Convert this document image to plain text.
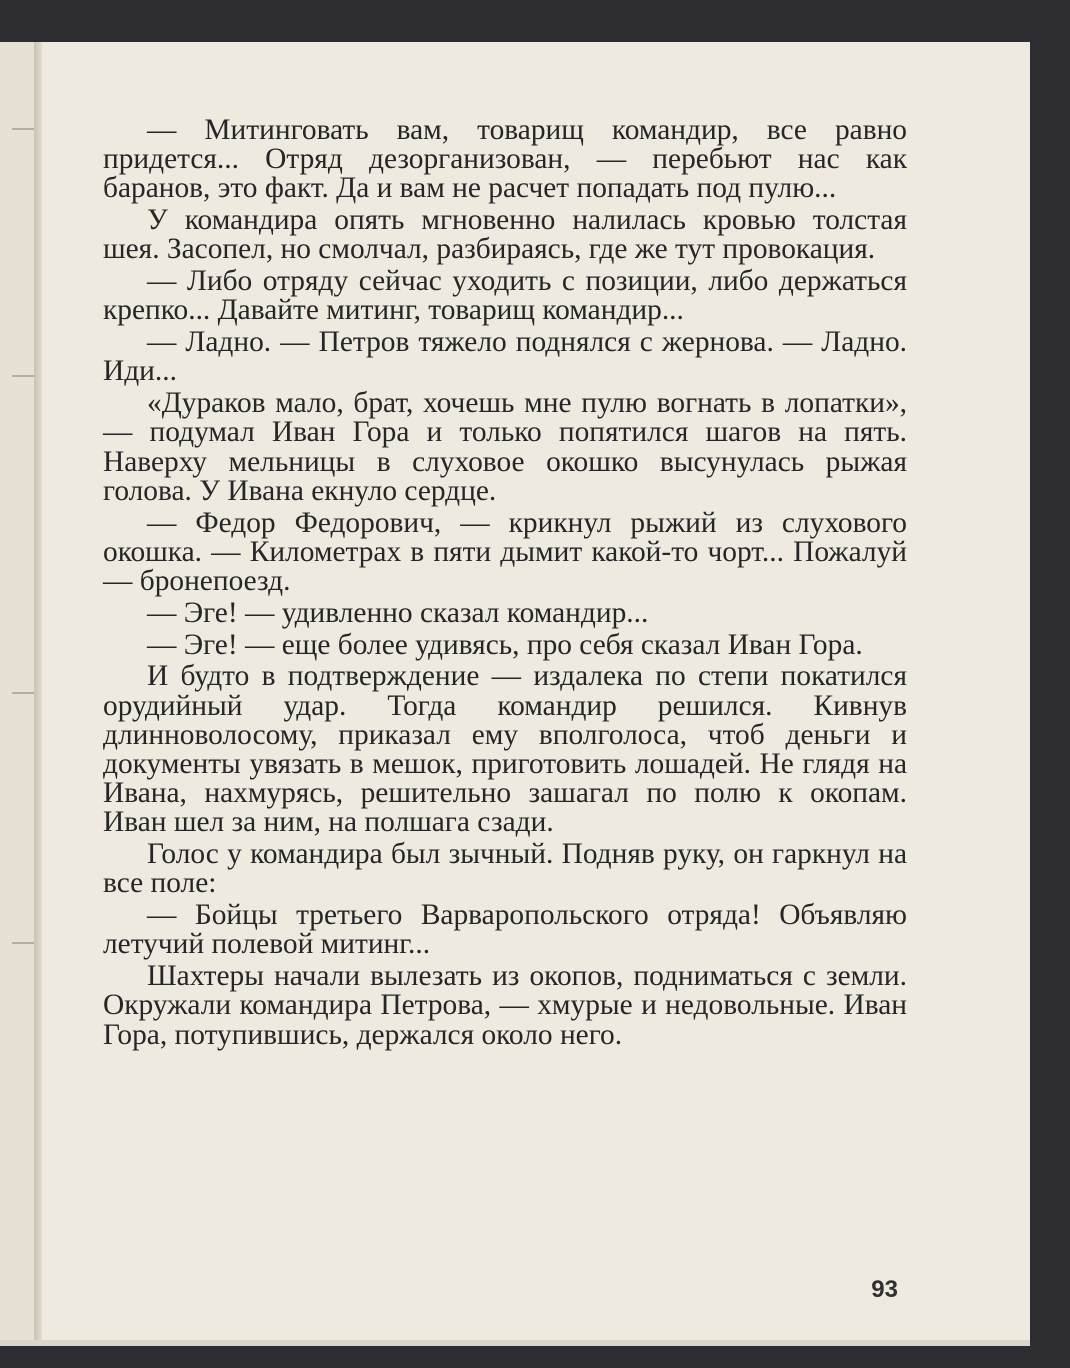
— Митинговать вам, товарищ командир, все равно придется... Отряд дезорганизован, — перебьют нас как баранов, это факт. Да и вам не расчет попадать под пулю...
У командира опять мгновенно налилась кровью толстая шея. Засопел, но смолчал, разбираясь, где же тут провокация.
— Либо отряду сейчас уходить с позиции, либо держаться крепко... Давайте митинг, товарищ командир...
— Ладно. — Петров тяжело поднялся с жернова. — Ладно. Иди...
«Дураков мало, брат, хочешь мне пулю вогнать в лопатки», — подумал Иван Гора и только попятился шагов на пять. Наверху мельницы в слуховое окошко высунулась рыжая голова. У Ивана екнуло сердце.
— Федор Федорович, — крикнул рыжий из слухового окошка. — Километрах в пяти дымит какой-то чорт... Пожалуй — бронепоезд.
— Эге! — удивленно сказал командир...
— Эге! — еще более удивясь, про себя сказал Иван Гора.
И будто в подтверждение — издалека по степи покатился орудийный удар. Тогда командир решился. Кивнув длинноволосому, приказал ему вполголоса, чтоб деньги и документы увязать в мешок, приготовить лошадей. Не глядя на Ивана, нахмурясь, решительно зашагал по полю к окопам. Иван шел за ним, на полшага сзади.
Голос у командира был зычный. Подняв руку, он гаркнул на все поле:
— Бойцы третьего Варваропольского отряда! Объявляю летучий полевой митинг...
Шахтеры начали вылезать из окопов, подниматься с земли. Окружали командира Петрова, — хмурые и недовольные. Иван Гора, потупившись, держался около него.
93
